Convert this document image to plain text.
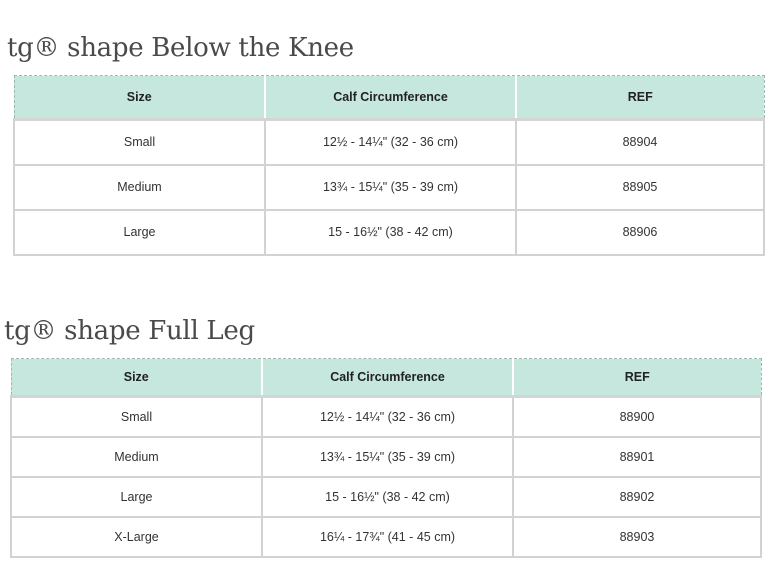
tg® shape Below the Knee
Size	Calf Circumference	REF
Small	12½ - 14¼" (32 - 36 cm)	88904
Medium	13¾ - 15¼" (35 - 39 cm)	88905
Large	15 - 16½" (38 - 42 cm)	88906
tg® shape Full Leg
Size	Calf Circumference	REF
Small	12½ - 14¼" (32 - 36 cm)	88900
Medium	13¾ - 15¼" (35 - 39 cm)	88901
Large	15 - 16½" (38 - 42 cm)	88902
X-Large	16¼ - 17¾" (41 - 45 cm)	88903
